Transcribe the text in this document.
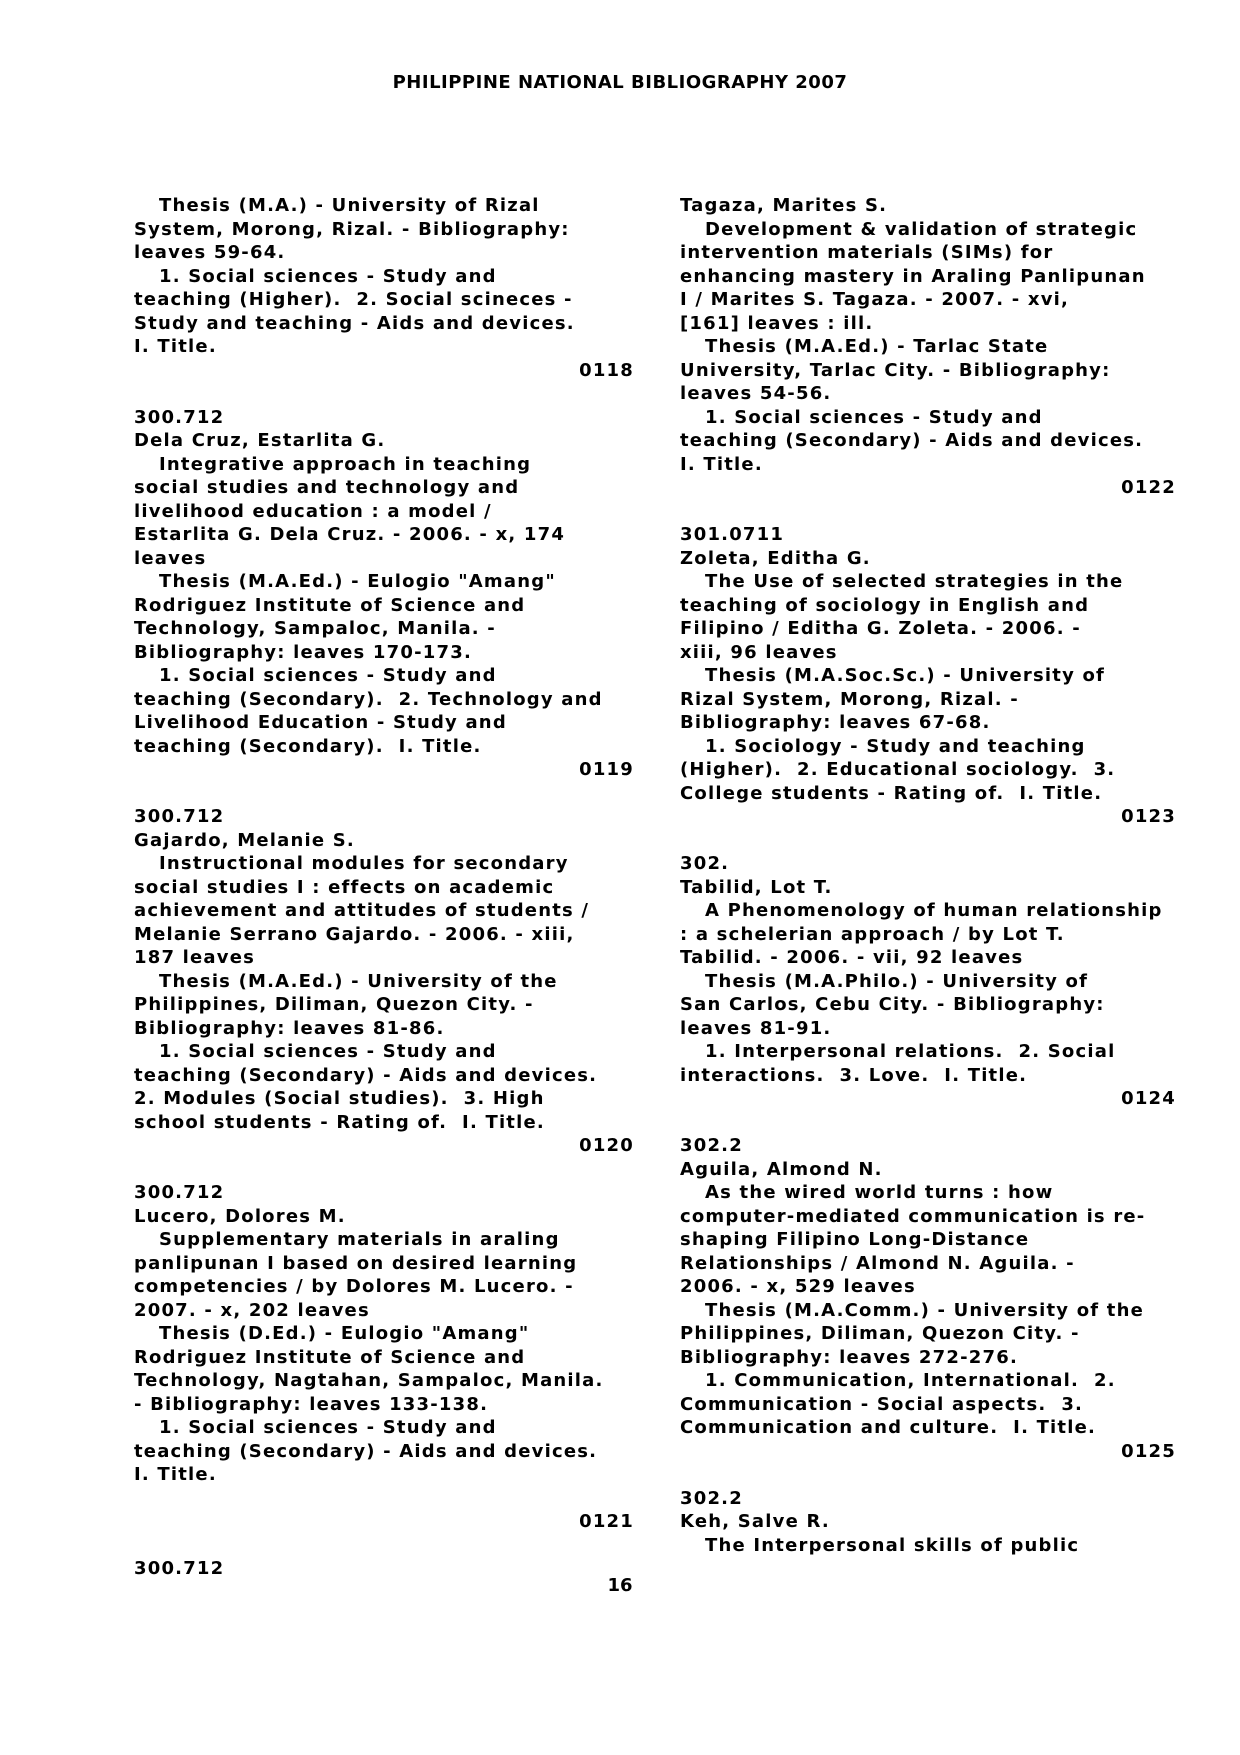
PHILIPPINE NATIONAL BIBLIOGRAPHY 2007
Thesis (M.A.) - University of Rizal
System, Morong, Rizal. - Bibliography:
leaves 59-64.
1. Social sciences - Study and
teaching (Higher).  2. Social scineces -
Study and teaching - Aids and devices.
I. Title.
0118
300.712
Dela Cruz, Estarlita G.
Integrative approach in teaching
social studies and technology and
livelihood education : a model /
Estarlita G. Dela Cruz. - 2006. - x, 174
leaves
Thesis (M.A.Ed.) - Eulogio "Amang"
Rodriguez Institute of Science and
Technology, Sampaloc, Manila. -
Bibliography: leaves 170-173.
1. Social sciences - Study and
teaching (Secondary).  2. Technology and
Livelihood Education - Study and
teaching (Secondary).  I. Title.
0119
300.712
Gajardo, Melanie S.
Instructional modules for secondary
social studies I : effects on academic
achievement and attitudes of students /
Melanie Serrano Gajardo. - 2006. - xiii,
187 leaves
Thesis (M.A.Ed.) - University of the
Philippines, Diliman, Quezon City. -
Bibliography: leaves 81-86.
1. Social sciences - Study and
teaching (Secondary) - Aids and devices.
2. Modules (Social studies).  3. High
school students - Rating of.  I. Title.
0120
300.712
Lucero, Dolores M.
Supplementary materials in araling
panlipunan I based on desired learning
competencies / by Dolores M. Lucero. -
2007. - x, 202 leaves
Thesis (D.Ed.) - Eulogio "Amang"
Rodriguez Institute of Science and
Technology, Nagtahan, Sampaloc, Manila.
- Bibliography: leaves 133-138.
1. Social sciences - Study and
teaching (Secondary) - Aids and devices.
I. Title.
0121
300.712
Tagaza, Marites S.
Development & validation of strategic
intervention materials (SIMs) for
enhancing mastery in Araling Panlipunan
I / Marites S. Tagaza. - 2007. - xvi,
[161] leaves : ill.
Thesis (M.A.Ed.) - Tarlac State
University, Tarlac City. - Bibliography:
leaves 54-56.
1. Social sciences - Study and
teaching (Secondary) - Aids and devices.
I. Title.
0122
301.0711
Zoleta, Editha G.
The Use of selected strategies in the
teaching of sociology in English and
Filipino / Editha G. Zoleta. - 2006. -
xiii, 96 leaves
Thesis (M.A.Soc.Sc.) - University of
Rizal System, Morong, Rizal. -
Bibliography: leaves 67-68.
1. Sociology - Study and teaching
(Higher).  2. Educational sociology.  3.
College students - Rating of.  I. Title.
0123
302.
Tabilid, Lot T.
A Phenomenology of human relationship
: a schelerian approach / by Lot T.
Tabilid. - 2006. - vii, 92 leaves
Thesis (M.A.Philo.) - University of
San Carlos, Cebu City. - Bibliography:
leaves 81-91.
1. Interpersonal relations.  2. Social
interactions.  3. Love.  I. Title.
0124
302.2
Aguila, Almond N.
As the wired world turns : how
computer-mediated communication is re-
shaping Filipino Long-Distance
Relationships / Almond N. Aguila. -
2006. - x, 529 leaves
Thesis (M.A.Comm.) - University of the
Philippines, Diliman, Quezon City. -
Bibliography: leaves 272-276.
1. Communication, International.  2.
Communication - Social aspects.  3.
Communication and culture.  I. Title.
0125
302.2
Keh, Salve R.
The Interpersonal skills of public
16
